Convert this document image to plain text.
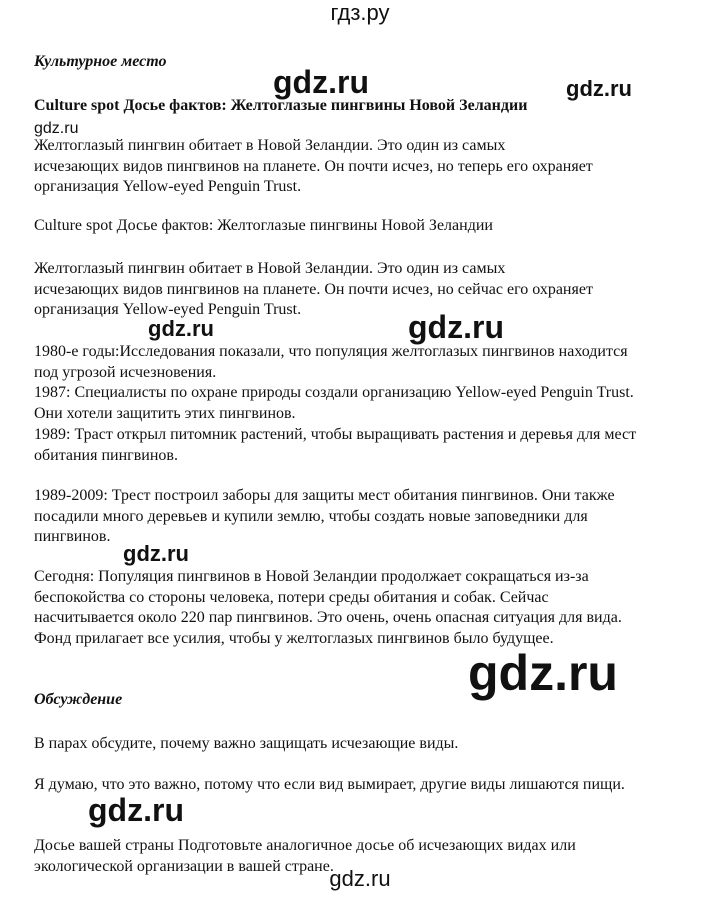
гдз.ру
gdz.ru	gdz.ru
gdz.ru
gdz.ru
gdz.ru
gdz.ru
gdz.ru
gdz.ru
Культурное место
Culture spot Досье фактов: Желтоглазые пингвины Новой Зеландии
Желтоглазый пингвин обитает в Новой Зеландии. Это один из самых исчезающих видов пингвинов на планете. Он почти исчез, но теперь его охраняет организация Yellow-eyed Penguin Trust.
Culture spot Досье фактов: Желтоглазые пингвины Новой Зеландии
Желтоглазый пингвин обитает в Новой Зеландии. Это один из самых исчезающих видов пингвинов на планете. Он почти исчез, но сейчас его охраняет организация Yellow-eyed Penguin Trust.
1980-е годы:Исследования показали, что популяция желтоглазых пингвинов находится под угрозой исчезновения.
1987: Специалисты по охране природы создали организацию Yellow-eyed Penguin Trust. Они хотели защитить этих пингвинов.
1989: Траст открыл питомник растений, чтобы выращивать растения и деревья для мест обитания пингвинов.
1989-2009: Трест построил заборы для защиты мест обитания пингвинов. Они также посадили много деревьев и купили землю, чтобы создать новые заповедники для пингвинов.
Сегодня: Популяция пингвинов в Новой Зеландии продолжает сокращаться из-за беспокойства со стороны человека, потери среды обитания и собак. Сейчас насчитывается около 220 пар пингвинов. Это очень, очень опасная ситуация для вида. Фонд прилагает все усилия, чтобы у желтоглазых пингвинов было будущее.
Обсуждение
В парах обсудите, почему важно защищать исчезающие виды.
Я думаю, что это важно, потому что если вид вымирает, другие виды лишаются пищи.
Досье вашей страны Подготовьте аналогичное досье об исчезающих видах или экологической организации в вашей стране.
gdz.ru
